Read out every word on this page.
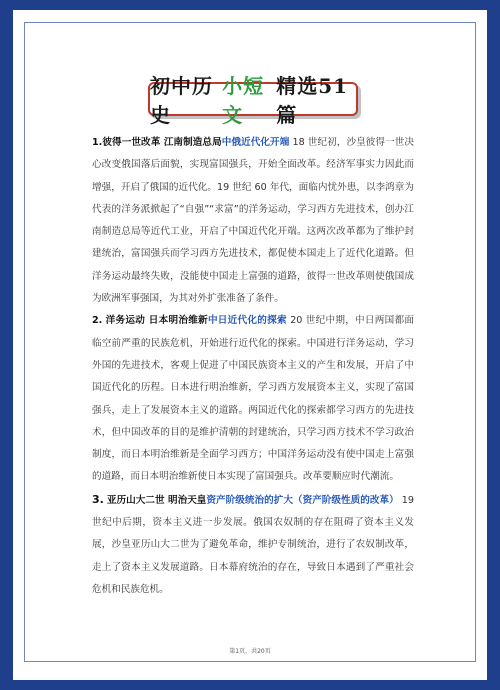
初中历史
小短文
精选51篇

1.彼得一世改革 江南制造总局中俄近代化开端 18 世纪初，沙皇彼得一世决心改变俄国落后面貌，实现富国强兵，开始全面改革。经济军事实力因此而增强，开启了俄国的近代化。19 世纪 60 年代，面临内忧外患，以李鸿章为代表的洋务派掀起了“自强”“求富”的洋务运动，学习西方先进技术，创办江南制造总局等近代工业，开启了中国近代化开端。这两次改革都为了维护封建统治，富国强兵而学习西方先进技术，都促使本国走上了近代化道路。但洋务运动最终失败，没能使中国走上富强的道路，彼得一世改革则使俄国成为欧洲军事强国，为其对外扩张准备了条件。

2. 洋务运动 日本明治维新中日近代化的探索 20 世纪中期，中日两国都面临空前严重的民族危机，开始进行近代化的探索。中国进行洋务运动，学习外国的先进技术，客观上促进了中国民族资本主义的产生和发展，开启了中国近代化的历程。日本进行明治维新，学习西方发展资本主义，实现了富国强兵，走上了发展资本主义的道路。两国近代化的探索都学习西方的先进技术，但中国改革的目的是维护清朝的封建统治，只学习西方技术不学习政治制度，而日本明治维新是全面学习西方；中国洋务运动没有使中国走上富强的道路，而日本明治维新使日本实现了富国强兵。改革要顺应时代潮流。

3. 亚历山大二世 明治天皇资产阶级统治的扩大（资产阶级性质的改革） 19 世纪中后期，资本主义进一步发展。俄国农奴制的存在阻碍了资本主义发展，沙皇亚历山大二世为了避免革命，维护专制统治，进行了农奴制改革，走上了资本主义发展道路。日本幕府统治的存在，导致日本遇到了严重社会危机和民族危机。

第1页，共20页
